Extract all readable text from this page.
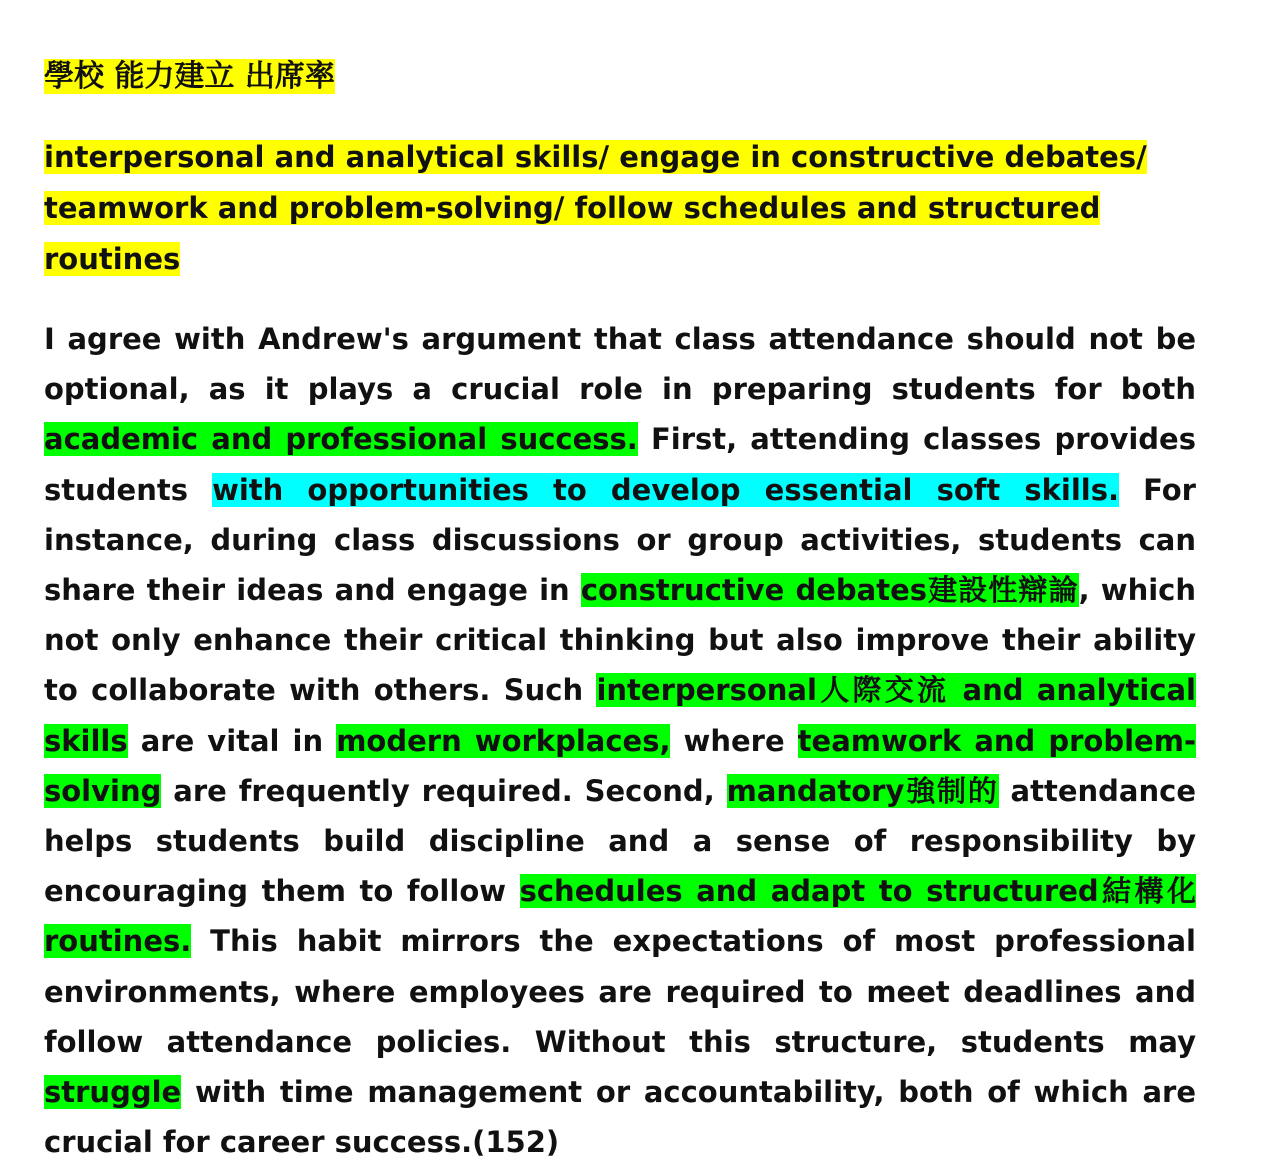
學校 能力建立 出席率

interpersonal and analytical skills/ engage in constructive debates/ teamwork and problem-solving/ follow schedules and structured routines

I agree with Andrew's argument that class attendance should not be optional, as it plays a crucial role in preparing students for both academic and professional success. First, attending classes provides students with opportunities to develop essential soft skills. For instance, during class discussions or group activities, students can share their ideas and engage in constructive debates建設性辯論, which not only enhance their critical thinking but also improve their ability to collaborate with others. Such interpersonal人際交流 and analytical skills are vital in modern workplaces, where teamwork and problem-solving are frequently required. Second, mandatory強制的 attendance helps students build discipline and a sense of responsibility by encouraging them to follow schedules and adapt to structured結構化 routines. This habit mirrors the expectations of most professional environments, where employees are required to meet deadlines and follow attendance policies. Without this structure, students may struggle with time management or accountability, both of which are crucial for career success.(152)
